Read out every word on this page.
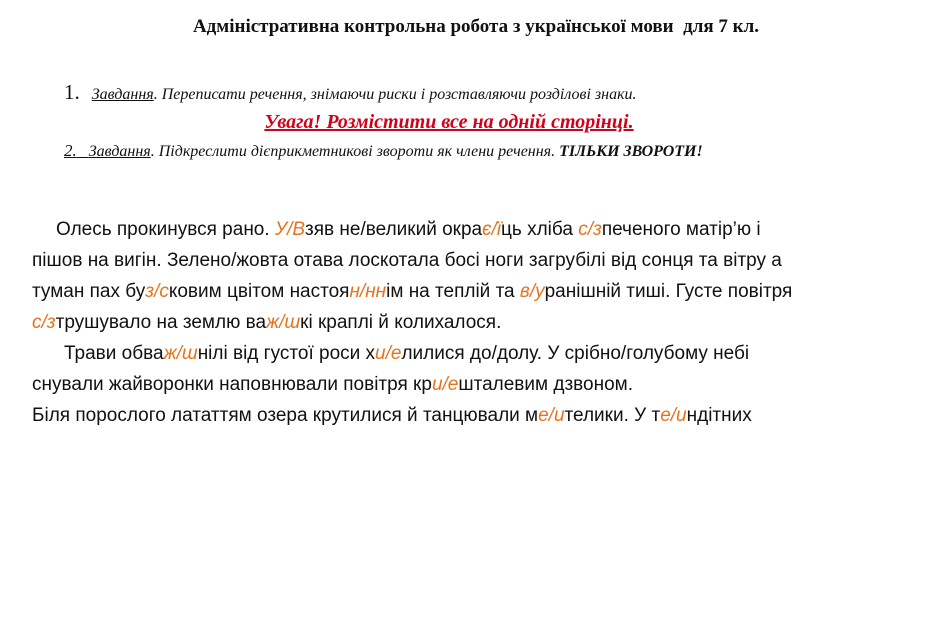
Адміністративна контрольна робота з української мови  для 7 кл.
1. Завдання. Переписати речення, знімаючи риски і розставляючи розділові знаки.
Увага! Розмістити все на одній сторінці.
2. Завдання. Підкреслити дієприкметникові звороти як члени речення. ТІЛЬКИ ЗВОРОТИ!
Олесь прокинувся рано. У/Взяв не/великий окрає/їць хліба с/зпеченого матір’ю і
пішов на вигін. Зелено/жовта отава лоскотала босі ноги загрубілі від сонця та вітру а
туман пах буз/сковим цвітом настоян/ннім на теплій та в/уранішній тиші. Густе повітря
с/зтрушувало на землю важ/шкі краплі й колихалося.
Трави обваж/шнілі від густої роси хи/елилися до/долу. У срібно/голубому небі
снували жайворонки наповнювали повітря кри/ешталевим дзвоном.
Біля порослого лататтям озера крутилися й танцювали ме/ителики. У те/индітних
